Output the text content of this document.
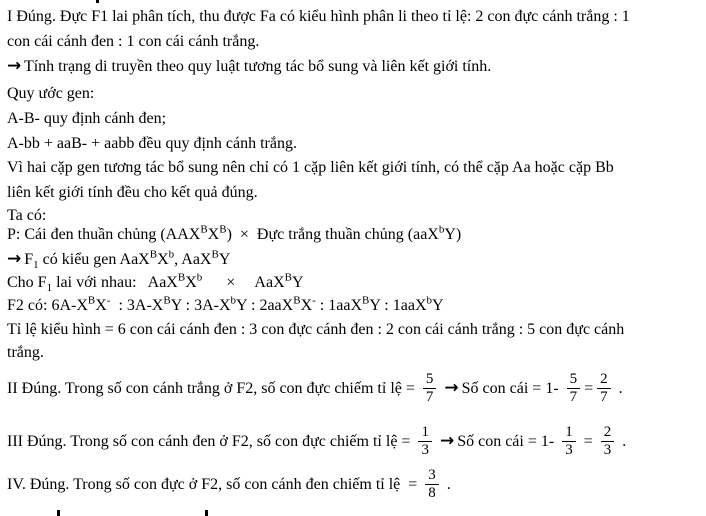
I Đúng. Đực F1 lai phân tích, thu được Fa có kiểu hình phân li theo tỉ lệ: 2 con đực cánh trắng : 1
con cái cánh đen : 1 con cái cánh trắng.
→ Tính trạng di truyền theo quy luật tương tác bổ sung và liên kết giới tính.
Quy ước gen:
A-B- quy định cánh đen;
A-bb + aaB- + aabb đều quy định cánh trắng.
Vì hai cặp gen tương tác bổ sung nên chỉ có 1 cặp liên kết giới tính, có thể cặp Aa hoặc cặp Bb
liên kết giới tính đều cho kết quả đúng.
Ta có:
P: Cái đen thuần chủng $(AAX^BX^B)$  ×  Đực trắng thuần chủng (aaX$^b$Y)
→ $F_1$ có kiểu gen $AaX^BX^b$, AaX$^B$Y
Cho $F_1$ lai với nhau:   $AaX^BX^b$      ×     AaX$^B$Y
F2 có: $6A-X^BX^-$  : $3A-X^BY$ : $3A-X^bY$ : 2aaX$^B$X- : 1aaX$^B$Y : 1aaX$^b$Y
Tỉ lệ kiểu hình = 6 con cái cánh đen : 3 con đực cánh đen : 2 con cái cánh trắng : 5 con đực cánh
trắng.
II Đúng. Trong số con cánh trắng ở F2, số con đực chiếm tỉ lệ = $\frac{5}{7}$
→ Số con cái = $1- \frac{5}{7} = \frac{2}{7}$ .
III Đúng. Trong số con cánh đen ở F2, số con đực chiếm tỉ lệ = $\frac{1}{3}$
→ Số con cái = $1- \frac{1}{3} = \frac{2}{3}$ .
IV. Đúng. Trong số con đực ở F2, số con cánh đen chiếm tỉ lệ  = $\frac{3}{8}$ .
